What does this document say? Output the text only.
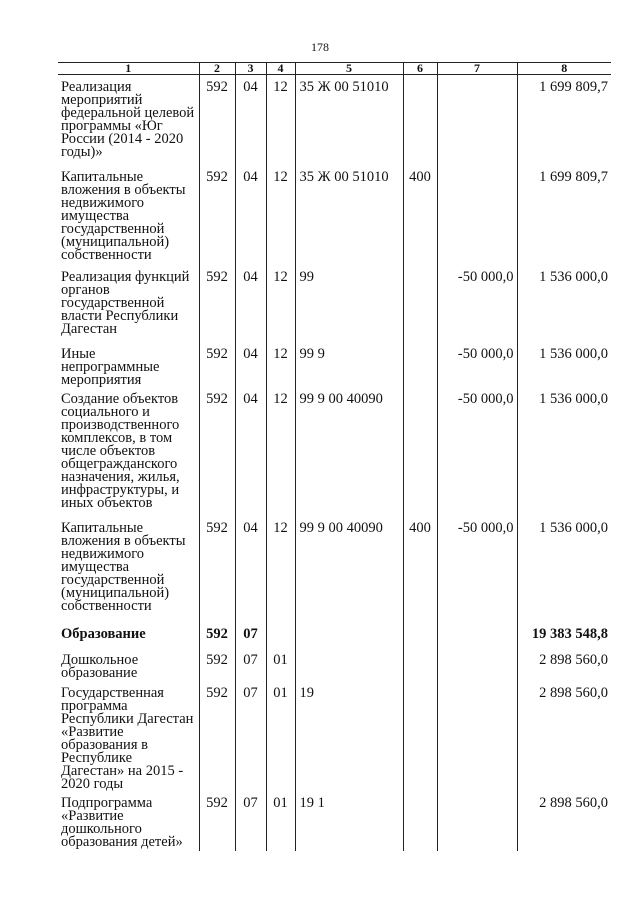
178
1	2	3	4	5	6	7	8
Реализация мероприятий федеральной целевой программы «Юг России (2014 - 2020 годы)»	592	04	12	35 Ж 00 51010			1 699 809,7
Капитальные вложения в объекты недвижимого имущества государственной (муниципальной) собственности	592	04	12	35 Ж 00 51010	400		1 699 809,7
Реализация функций органов государственной власти Республики Дагестан	592	04	12	99		-50 000,0	1 536 000,0
Иные непрограммные мероприятия	592	04	12	99 9		-50 000,0	1 536 000,0
Создание объектов социального и производственного комплексов, в том числе объектов общегражданского назначения, жилья, инфраструктуры, и иных объектов	592	04	12	99 9 00 40090		-50 000,0	1 536 000,0
Капитальные вложения в объекты недвижимого имущества государственной (муниципальной) собственности	592	04	12	99 9 00 40090	400	-50 000,0	1 536 000,0
Образование	592	07					19 383 548,8
Дошкольное образование	592	07	01				2 898 560,0
Государственная программа Республики Дагестан «Развитие образования в Республике Дагестан» на 2015 - 2020 годы	592	07	01	19			2 898 560,0
Подпрограмма «Развитие дошкольного образования детей»	592	07	01	19 1			2 898 560,0
